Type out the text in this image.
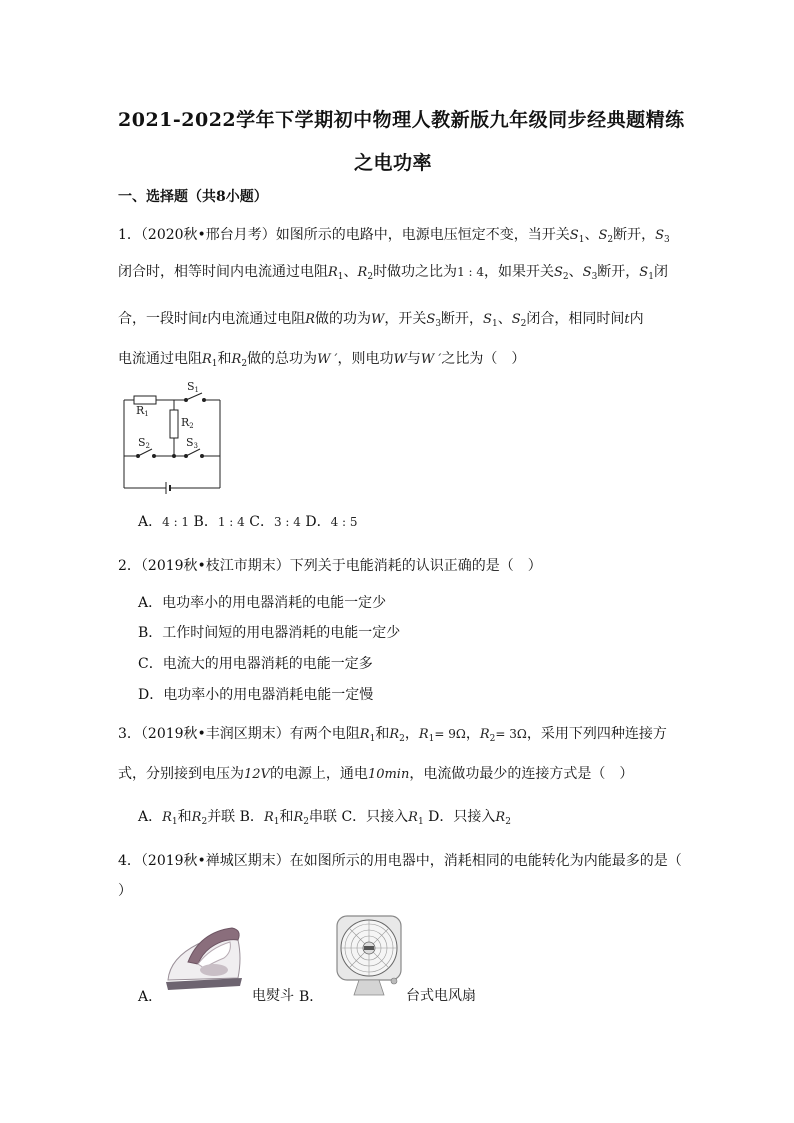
2021-2022学年下学期初中物理人教新版九年级同步经典题精练
之电功率
一、选择题（共8小题）
1．（2020秋•邢台月考）如图所示的电路中，电源电压恒定不变，当开关$S_1$、$S_2$断开，$S_3$
闭合时，相等时间内电流通过电阻$R_1$、$R_2$时做功之比为1 : 4，如果开关$S_2$、$S_3$断开，$S_1$闭
合，一段时间t内电流通过电阻R做的功为W，开关$S_3$断开，$S_1$、$S_2$闭合，相同时间t内
电流通过电阻$R_1$和$R_2$做的总功为W ′，则电功W与W ′之比为（　）
R1
R2
S1
S2	S3
A．4 : 1 B．1 : 4 C．3 : 4 D．4 : 5
2．（2019秋•枝江市期末）下列关于电能消耗的认识正确的是（　）
A．电功率小的用电器消耗的电能一定少
B．工作时间短的用电器消耗的电能一定少
C．电流大的用电器消耗的电能一定多
D．电功率小的用电器消耗电能一定慢
3．（2019秋•丰润区期末）有两个电阻$R_1$和$R_2$，$R_1= 9\Omega$，$R_2= 3\Omega$，采用下列四种连接方
式，分别接到电压为12V的电源上，通电10min，电流做功最少的连接方式是（　）
A．$R_1$和$R_2$并联 B．$R_1$和$R_2$串联 C．只接入$R_1$ D．只接入$R_2$
4．（2019秋•禅城区期末）在如图所示的用电器中，消耗相同的电能转化为内能最多的是（
）
A．	电熨斗 B．	台式电风扇
